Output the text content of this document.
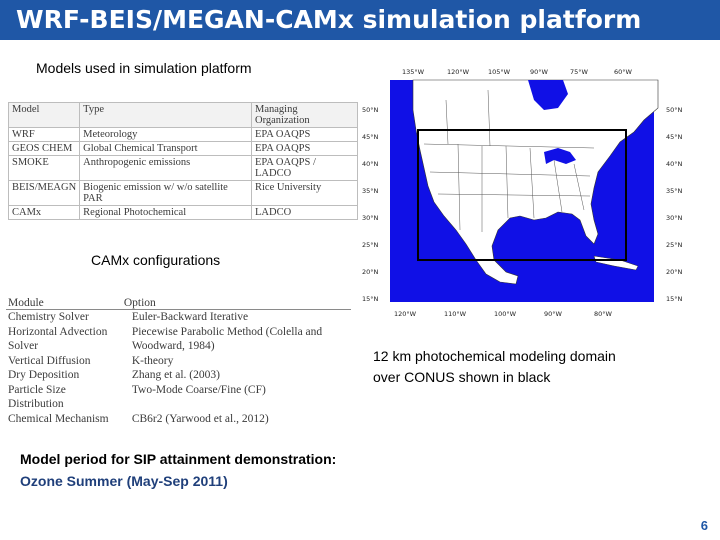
WRF-BEIS/MEGAN-CAMx simulation platform
Models used in simulation platform
Model	Type	Managing Organization
WRF	Meteorology	EPA OAQPS
GEOS CHEM	Global Chemical Transport	EPA OAQPS
SMOKE	Anthropogenic emissions	EPA OAQPS / LADCO
BEIS/MEAGN	Biogenic emission w/ w/o satellite PAR	Rice University
CAMx	Regional Photochemical	LADCO
CAMx configurations
Module	Option
Chemistry Solver	Euler-Backward Iterative
Horizontal Advection Solver	Piecewise Parabolic Method (Colella and Woodward, 1984)
Vertical Diffusion	K-theory
Dry Deposition	Zhang et al. (2003)
Particle Size Distribution	Two-Mode Coarse/Fine (CF)
Chemical Mechanism	CB6r2 (Yarwood et al., 2012)
135°W	120°W	105°W	90°W	75°W	60°W
120°W	110°W	100°W	90°W	80°W
50°N
45°N
40°N
35°N
30°N
25°N
20°N
15°N
50°N
45°N
40°N
35°N
30°N
25°N
20°N
15°N
12 km photochemical modeling domain
over CONUS shown in black
Model period for SIP attainment demonstration:
Ozone Summer (May-Sep 2011)
6
